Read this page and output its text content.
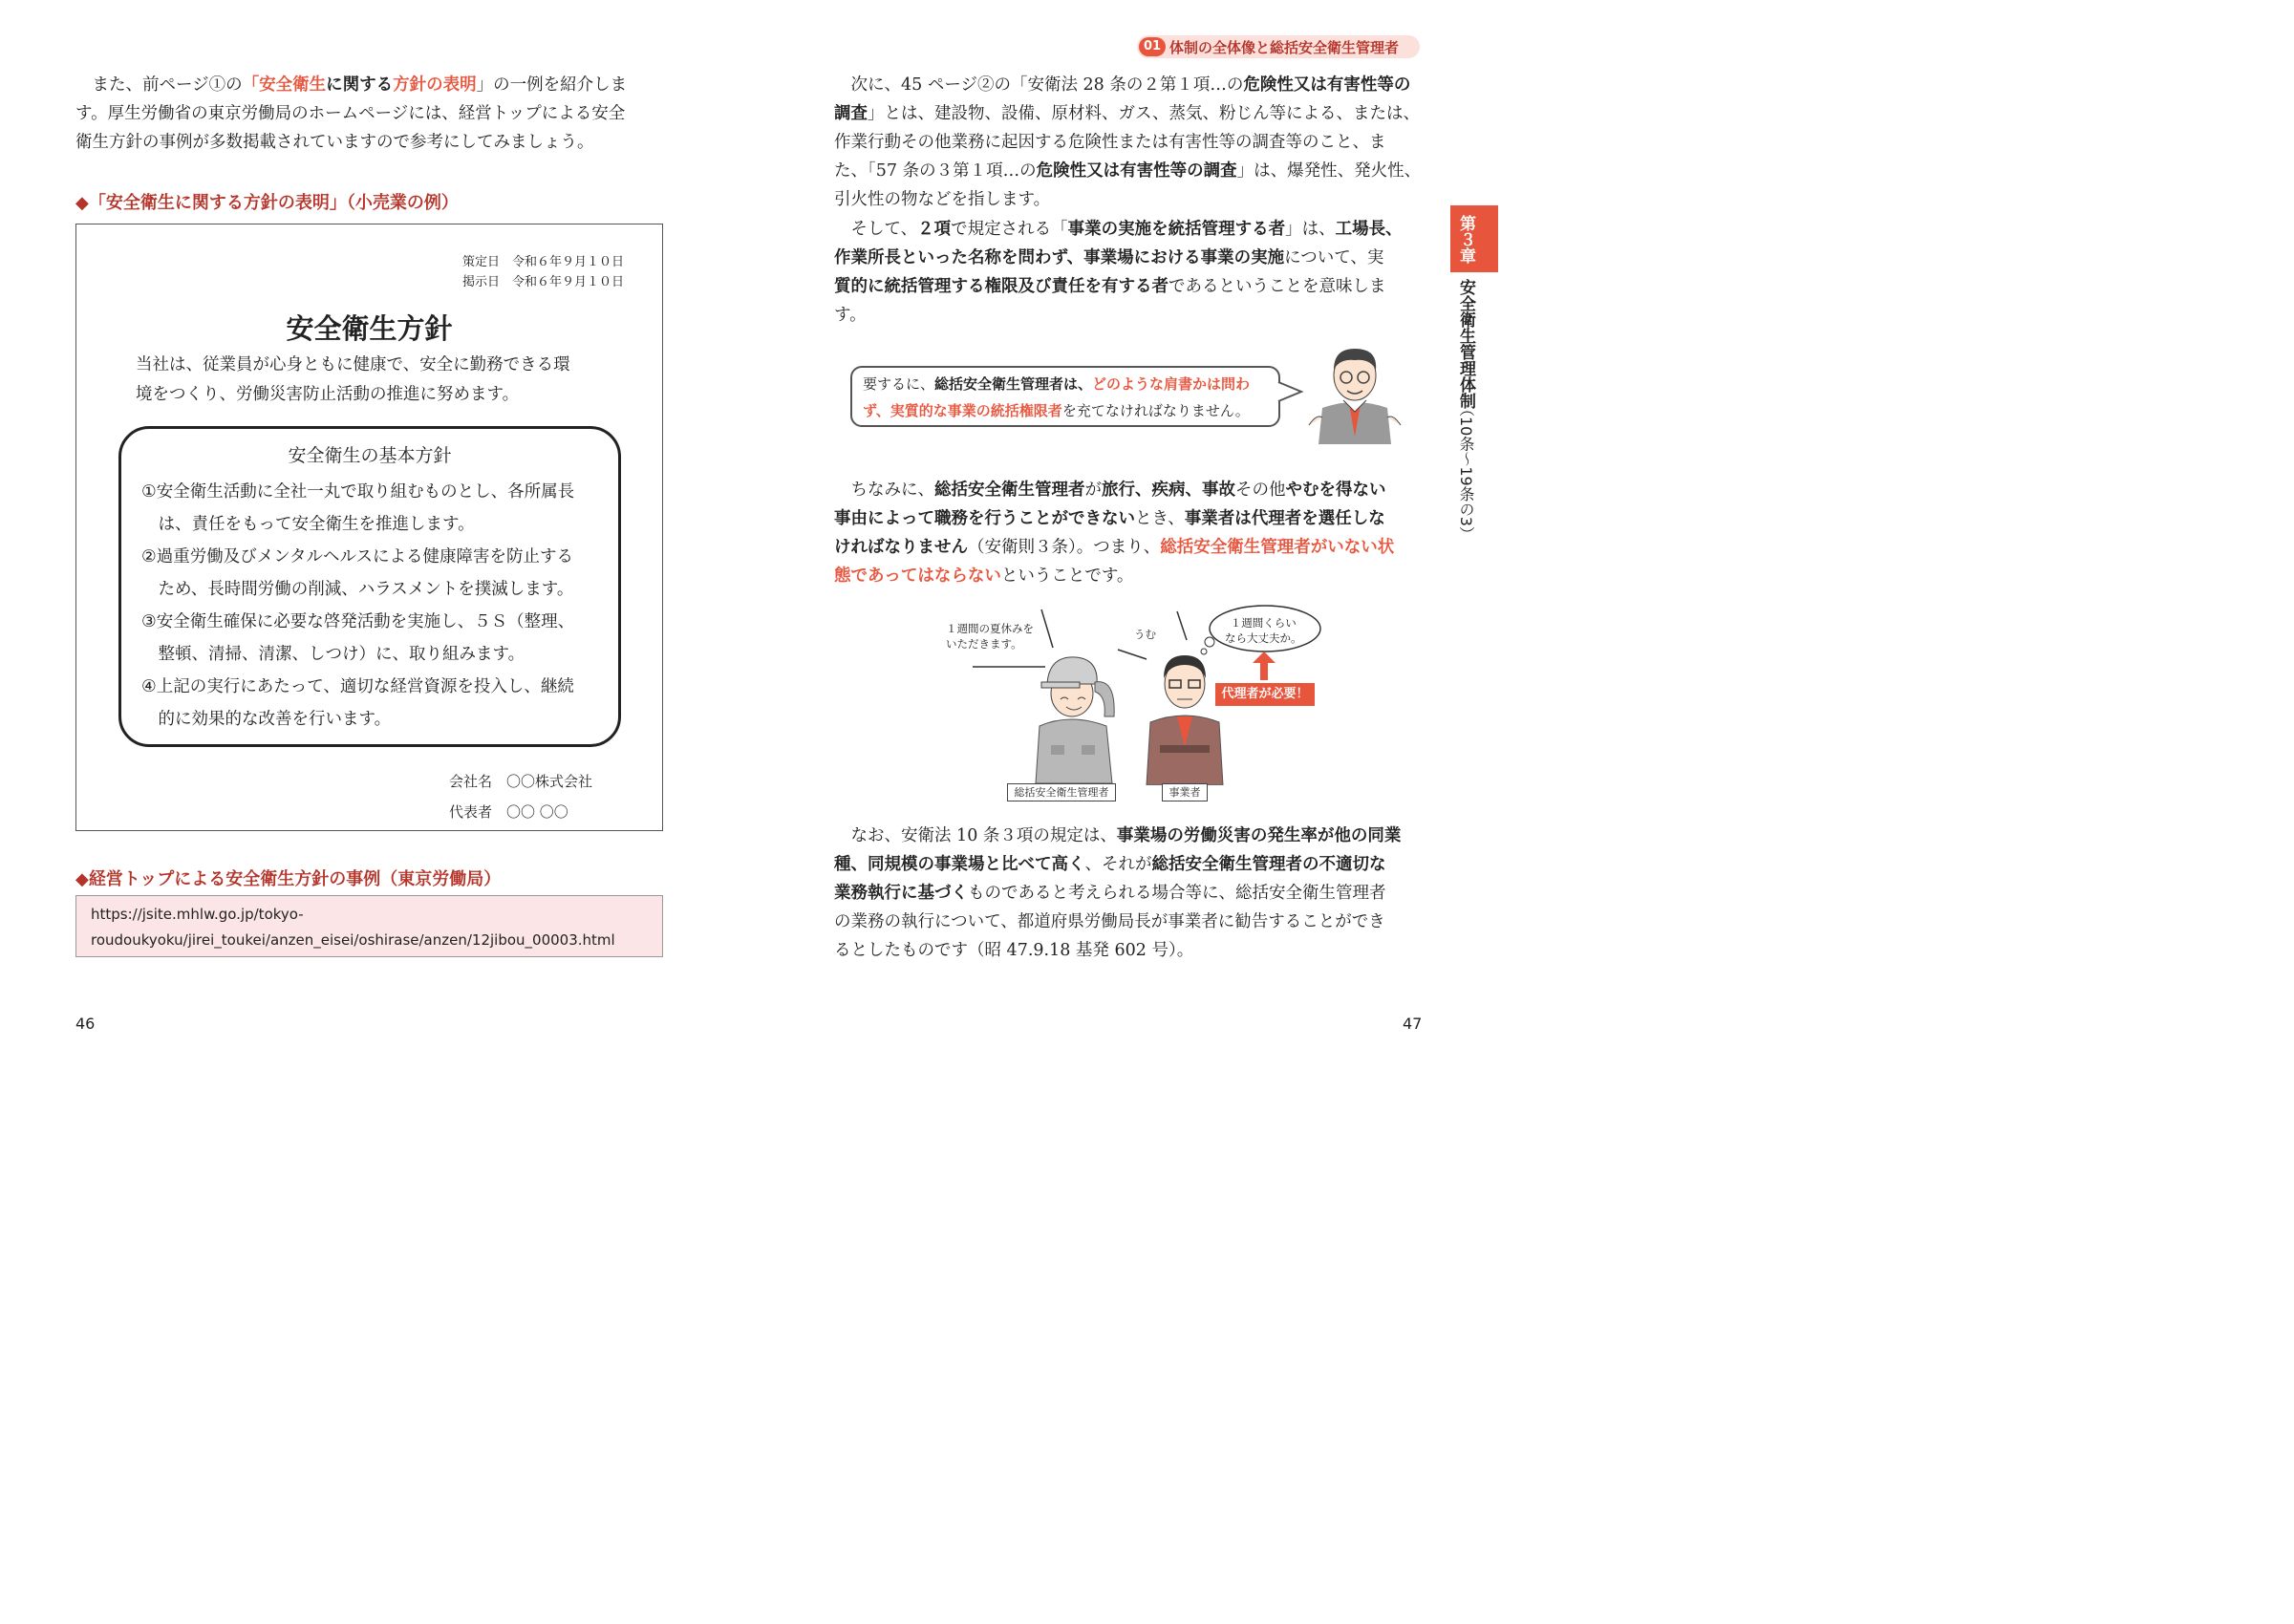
また、前ページ①の「安全衛生に関する方針の表明」の一例を紹介しま
す。厚生労働省の東京労働局のホームページには、経営トップによる安全
衛生方針の事例が多数掲載されていますので参考にしてみましょう。
◆「安全衛生に関する方針の表明」（小売業の例）
策定日　 令和６年９月１０日
掲示日　 令和６年９月１０日
安全衛生方針
当社は、従業員が心身ともに健康で、安全に勤務できる環
境をつくり、労働災害防止活動の推進に努めます。
安全衛生の基本方針
①安全衛生活動に全社一丸で取り組むものとし、各所属長
　は、責任をもって安全衛生を推進します。
②過重労働及びメンタルヘルスによる健康障害を防止する
　ため、長時間労働の削減、ハラスメントを撲滅します。
③安全衛生確保に必要な啓発活動を実施し、５Ｓ（整理、
　整頓、清掃、清潔、しつけ）に、取り組みます。
④上記の実行にあたって、適切な経営資源を投入し、継続
　的に効果的な改善を行います。
会社名　 〇〇株式会社
代表者　 〇〇 〇〇
◆経営トップによる安全衛生方針の事例（東京労働局）
https://jsite.mhlw.go.jp/tokyo-
roudoukyoku/jirei_toukei/anzen_eisei/oshirase/anzen/12jibou_00003.html
46
01 体制の全体像と総括安全衛生管理者
第３章
安全衛生管理体制
（10条〜19条の3）
次に、45 ページ②の「安衛法 28 条の２第１項…の危険性又は有害性等の
調査」とは、建設物、設備、原材料、ガス、蒸気、粉じん等による、または、
作業行動その他業務に起因する危険性または有害性等の調査等のこと、ま
た、「57 条の３第１項…の危険性又は有害性等の調査」は、爆発性、発火性、
引火性の物などを指します。
そして、２項で規定される「事業の実施を統括管理する者」は、工場長、
作業所長といった名称を問わず、事業場における事業の実施について、実
質的に統括管理する権限及び責任を有する者であるということを意味しま
す。
要するに、総括安全衛生管理者は、どのような肩書かは問わ
ず、実質的な事業の統括権限者を充てなければなりません。
ちなみに、総括安全衛生管理者が旅行、疾病、事故その他やむを得ない
事由によって職務を行うことができないとき、事業者は代理者を選任しな
ければなりません（安衛則３条）。つまり、総括安全衛生管理者がいない状
態であってはならないということです。
１週間の夏休みを
いただきます。
うむ
１週間くらい
なら大丈夫か。
代理者が必要！
総括安全衛生管理者	事業者
なお、安衛法 10 条３項の規定は、事業場の労働災害の発生率が他の同業
種、同規模の事業場と比べて高く、それが総括安全衛生管理者の不適切な
業務執行に基づくものであると考えられる場合等に、総括安全衛生管理者
の業務の執行について、都道府県労働局長が事業者に勧告することができ
るとしたものです（昭 47.9.18 基発 602 号）。
47
